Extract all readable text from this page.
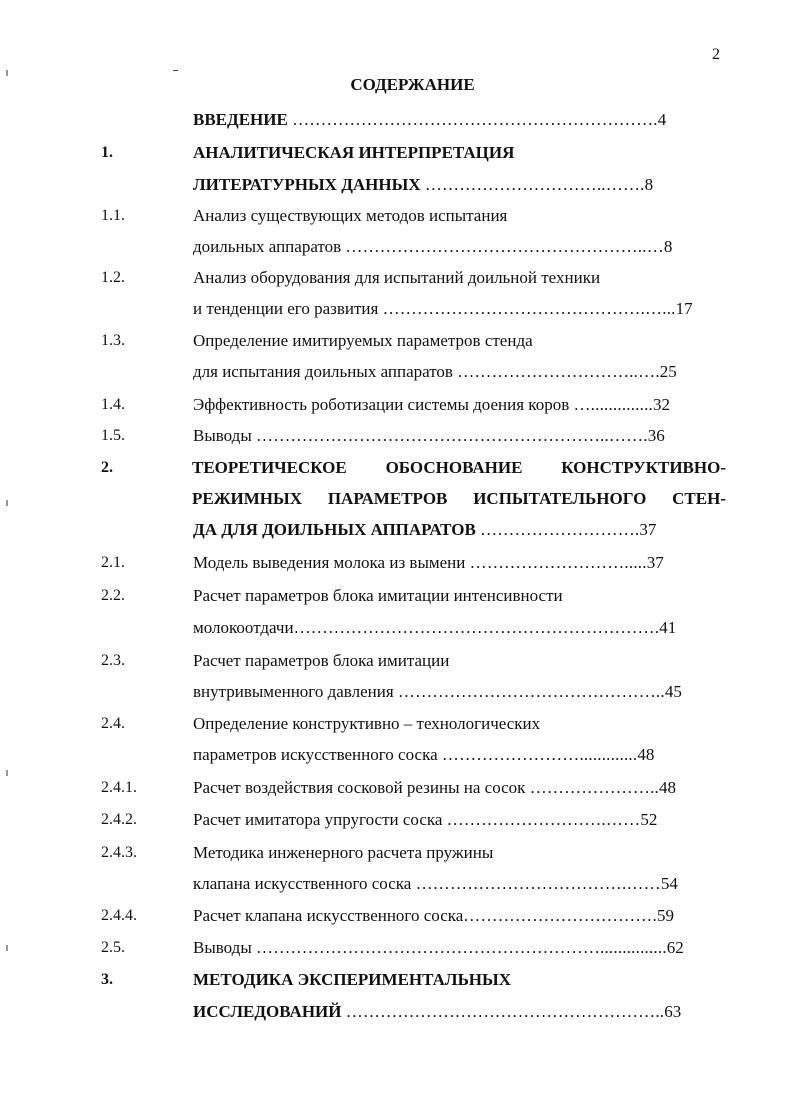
2
СОДЕРЖАНИЕ
ВВЕДЕНИЕ ……………………………………………………….4
1.	АНАЛИТИЧЕСКАЯ ИНТЕРПРЕТАЦИЯ
ЛИТЕРАТУРНЫХ ДАННЫХ …………………………..…….8
1.1.	Анализ существующих методов испытания
доильных аппаратов ……………………………………………..…8
1.2.	Анализ оборудования для испытаний доильной техники
и тенденции его развития ……………………………………….…...17
1.3.	Определение имитируемых параметров стенда
для испытания доильных аппаратов …………………………..….25
1.4.	Эффективность роботизации системы доения коров …..............32
1.5.	Выводы ……………………………………………………..…….36
2.	ТЕОРЕТИЧЕСКОЕ ОБОСНОВАНИЕ КОНСТРУКТИВНО-
РЕЖИМНЫХ ПАРАМЕТРОВ ИСПЫТАТЕЛЬНОГО СТЕН-
ДА ДЛЯ ДОИЛЬНЫХ АППАРАТОВ ……………………….37
2.1.	Модель выведения молока из вымени ……………………….....37
2.2.	Расчет параметров блока имитации интенсивности
молокоотдачи……………………………………………………….41
2.3.	Расчет параметров блока имитации
внутривыменного давления ………………………………………..45
2.4.	Определение конструктивно – технологических
параметров искусственного соска …………………….............48
2.4.1.	Расчет воздействия сосковой резины на сосок …………………..48
2.4.2.	Расчет имитатора упругости соска ……………………….……52
2.4.3.	Методика инженерного расчета пружины
клапана искусственного соска ……………………………….……54
2.4.4.	Расчет клапана искусственного соска…………………………….59
2.5.	Выводы ……………………………………………………...............62
3.	МЕТОДИКА ЭКСПЕРИМЕНТАЛЬНЫХ
ИССЛЕДОВАНИЙ ………………………………………………..63
